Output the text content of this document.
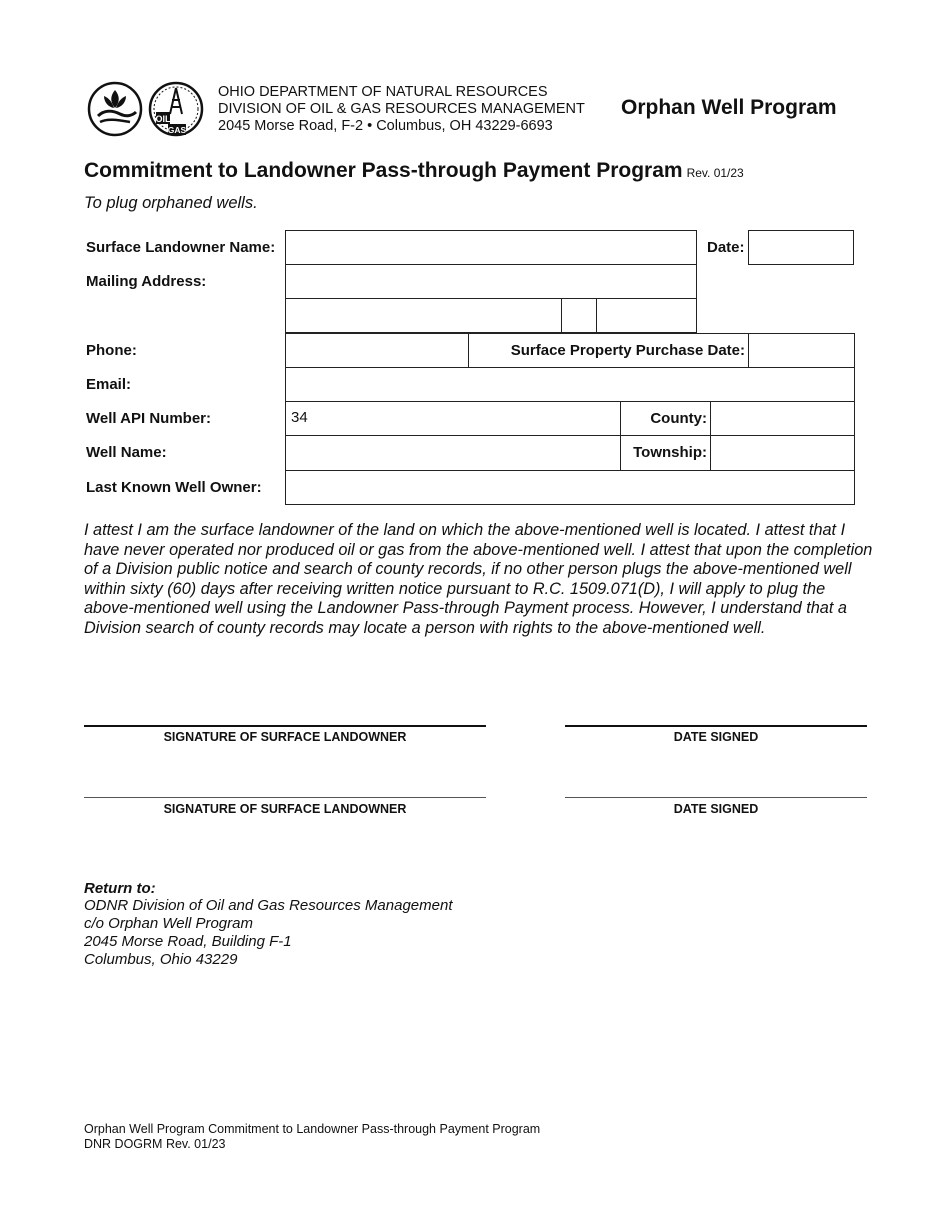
OIL
GAS
OHIO DEPARTMENT OF NATURAL RESOURCES
DIVISION OF OIL & GAS RESOURCES MANAGEMENT
2045 Morse Road, F-2 • Columbus, OH 43229-6693
Orphan Well Program
Commitment to Landowner Pass-through Payment Program Rev. 01/23
To plug orphaned wells.
Surface Landowner Name:	Date:
Mailing Address:
Phone:	Surface Property Purchase Date:
Email:
Well API Number:	34	County:
Well Name:	Township:
Last Known Well Owner:
I attest I am the surface landowner of the land on which the above-mentioned well is located. I attest that I have never operated nor produced oil or gas from the above-mentioned well. I attest that upon the completion of a Division public notice and search of county records, if no other person plugs the above-mentioned well within sixty (60) days after receiving written notice pursuant to R.C. 1509.071(D), I will apply to plug the above-mentioned well using the Landowner Pass-through Payment process. However, I understand that a Division search of county records may locate a person with rights to the above-mentioned well.
SIGNATURE OF SURFACE LANDOWNER	DATE SIGNED
SIGNATURE OF SURFACE LANDOWNER	DATE SIGNED
Return to:
ODNR Division of Oil and Gas Resources Management
c/o Orphan Well Program
2045 Morse Road, Building F-1
Columbus, Ohio 43229
Orphan Well Program Commitment to Landowner Pass-through Payment Program
DNR DOGRM Rev. 01/23
